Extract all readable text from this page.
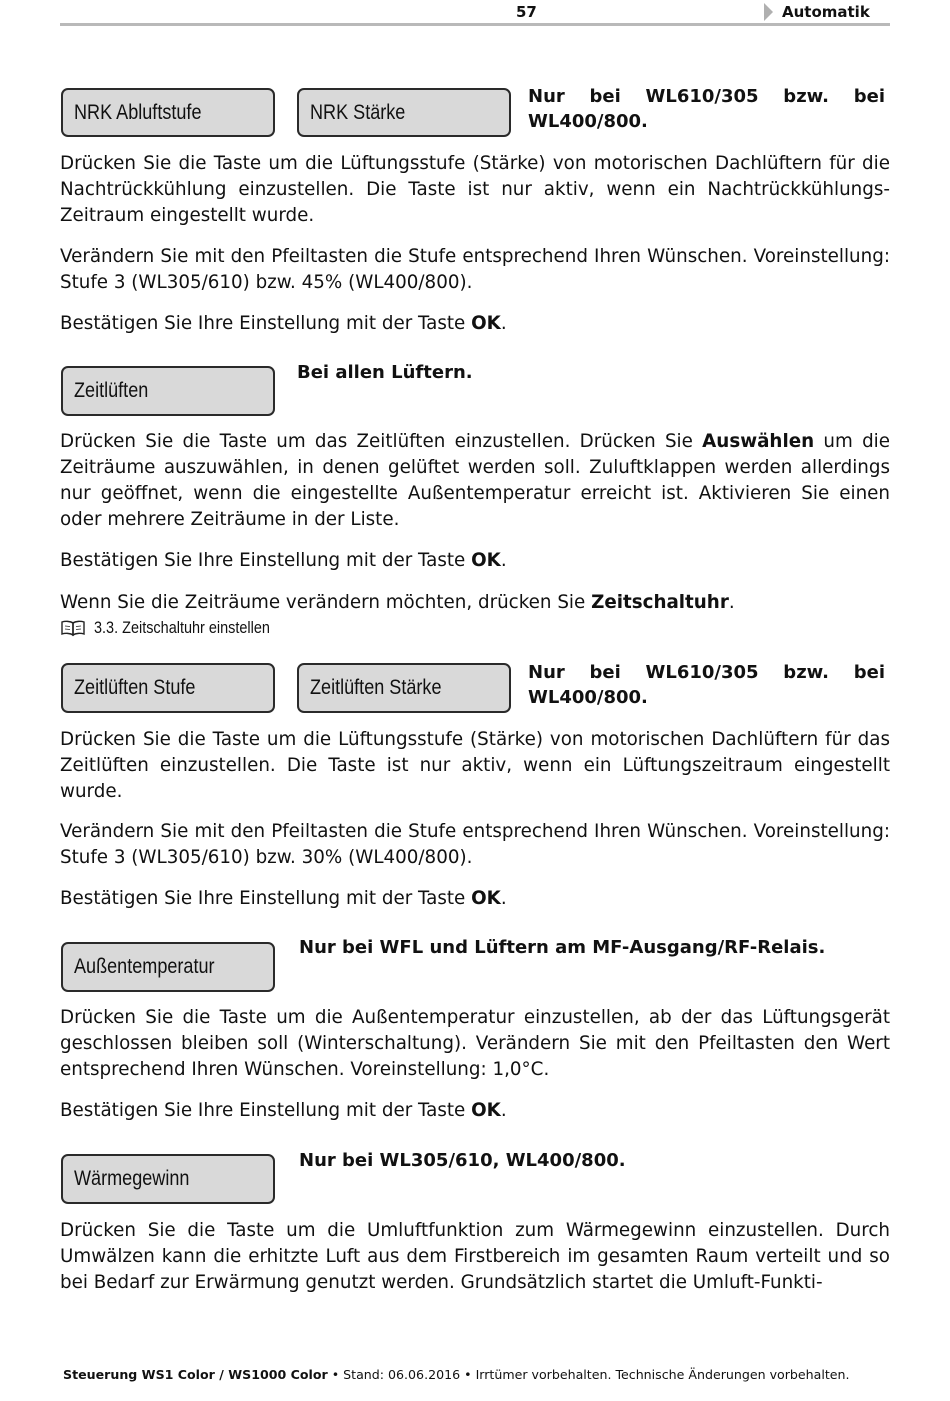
57	Automatik
NRK Abluftstufe	NRK Stärke
Nur bei WL610/305 bzw. bei
WL400/800.
Drücken Sie die Taste um die Lüftungsstufe (Stärke) von motorischen Dachlüftern für die Nachtrückkühlung einzustellen. Die Taste ist nur aktiv, wenn ein Nachtrückkühlungs-Zeitraum eingestellt wurde.
Verändern Sie mit den Pfeiltasten die Stufe entsprechend Ihren Wünschen. Voreinstellung: Stufe 3 (WL305/610) bzw. 45% (WL400/800).
Bestätigen Sie Ihre Einstellung mit der Taste OK.
Zeitlüften
Bei allen Lüftern.
Drücken Sie die Taste um das Zeitlüften einzustellen. Drücken Sie Auswählen um die Zeiträume auszuwählen, in denen gelüftet werden soll. Zuluftklappen werden allerdings nur geöffnet, wenn die eingestellte Außentemperatur erreicht ist. Aktivieren Sie einen oder mehrere Zeiträume in der Liste.
Bestätigen Sie Ihre Einstellung mit der Taste OK.
Wenn Sie die Zeiträume verändern möchten, drücken Sie Zeitschaltuhr.
3.3. Zeitschaltuhr einstellen
Zeitlüften Stufe	Zeitlüften Stärke
Nur bei WL610/305 bzw. bei
WL400/800.
Drücken Sie die Taste um die Lüftungsstufe (Stärke) von motorischen Dachlüftern für das Zeitlüften einzustellen. Die Taste ist nur aktiv, wenn ein Lüftungszeitraum eingestellt wurde.
Verändern Sie mit den Pfeiltasten die Stufe entsprechend Ihren Wünschen. Voreinstellung: Stufe 3 (WL305/610) bzw. 30% (WL400/800).
Bestätigen Sie Ihre Einstellung mit der Taste OK.
Außentemperatur
Nur bei WFL und Lüftern am MF-Ausgang/RF-Relais.
Drücken Sie die Taste um die Außentemperatur einzustellen, ab der das Lüftungsgerät geschlossen bleiben soll (Winterschaltung). Verändern Sie mit den Pfeiltasten den Wert entsprechend Ihren Wünschen. Voreinstellung: 1,0°C.
Bestätigen Sie Ihre Einstellung mit der Taste OK.
Wärmegewinn
Nur bei WL305/610, WL400/800.
Drücken Sie die Taste um die Umluftfunktion zum Wärmegewinn einzustellen. Durch Umwälzen kann die erhitzte Luft aus dem Firstbereich im gesamten Raum verteilt und so bei Bedarf zur Erwärmung genutzt werden. Grundsätzlich startet die Umluft-Funkti-
Steuerung WS1 Color / WS1000 Color • Stand: 06.06.2016 • Irrtümer vorbehalten. Technische Änderungen vorbehalten.
